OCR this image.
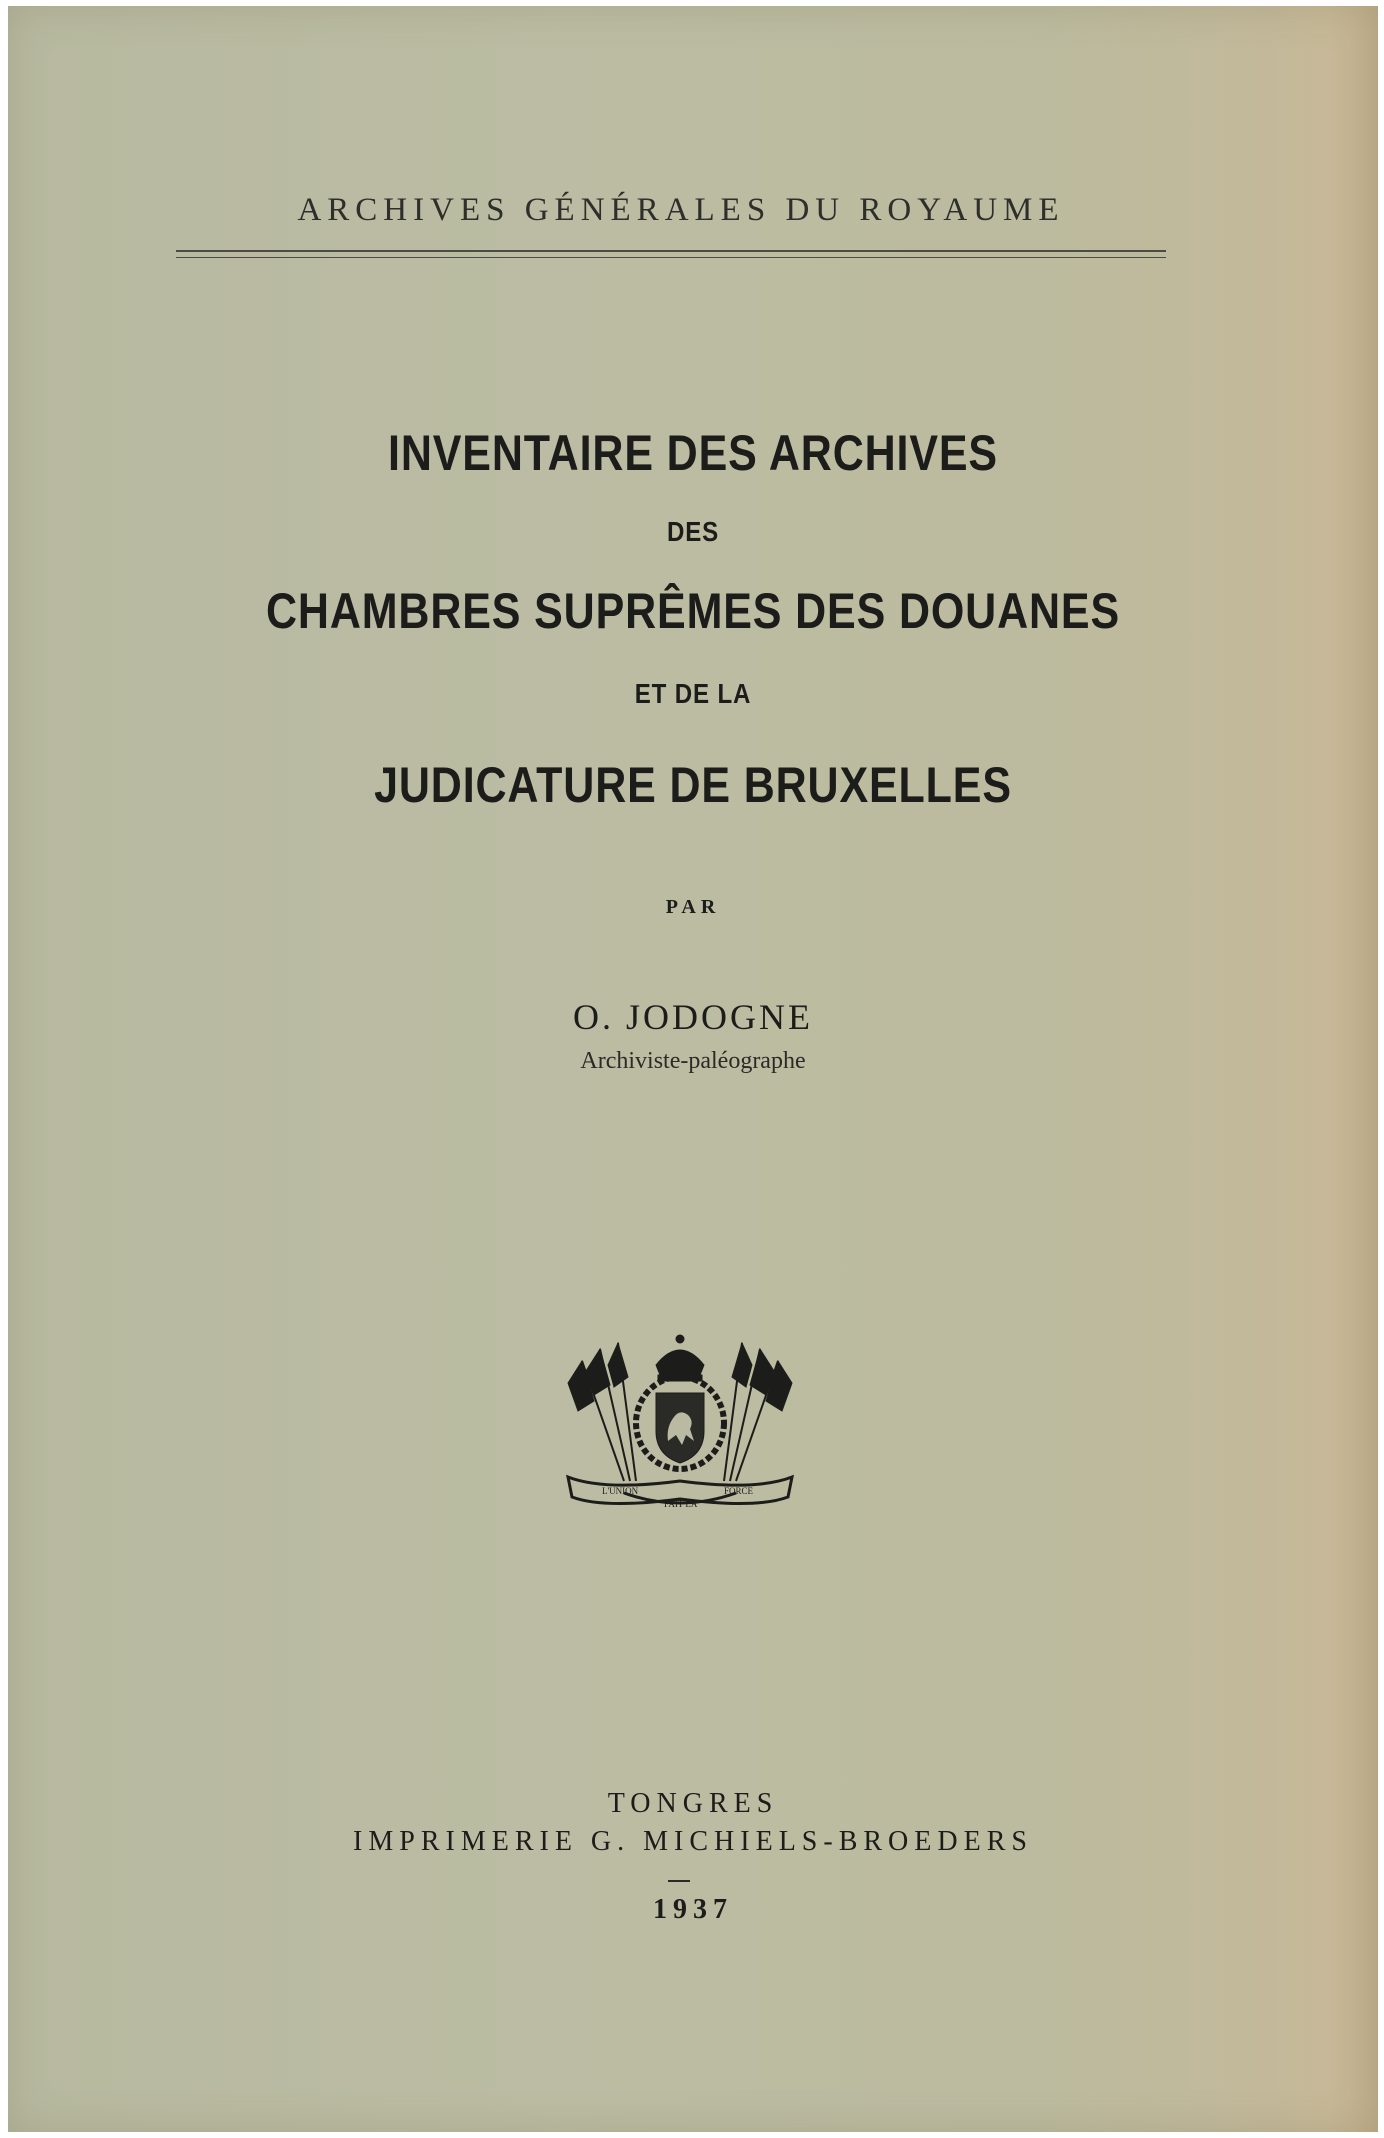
ARCHIVES GÉNÉRALES DU ROYAUME
INVENTAIRE DES ARCHIVES
DES
CHAMBRES SUPRÊMES DES DOUANES
ET DE LA
JUDICATURE DE BRUXELLES
PAR
O. JODOGNE
Archiviste-paléographe
L'UNION
FAIT LA
FORCE
TONGRES
IMPRIMERIE G. MICHIELS-BROEDERS
1937
